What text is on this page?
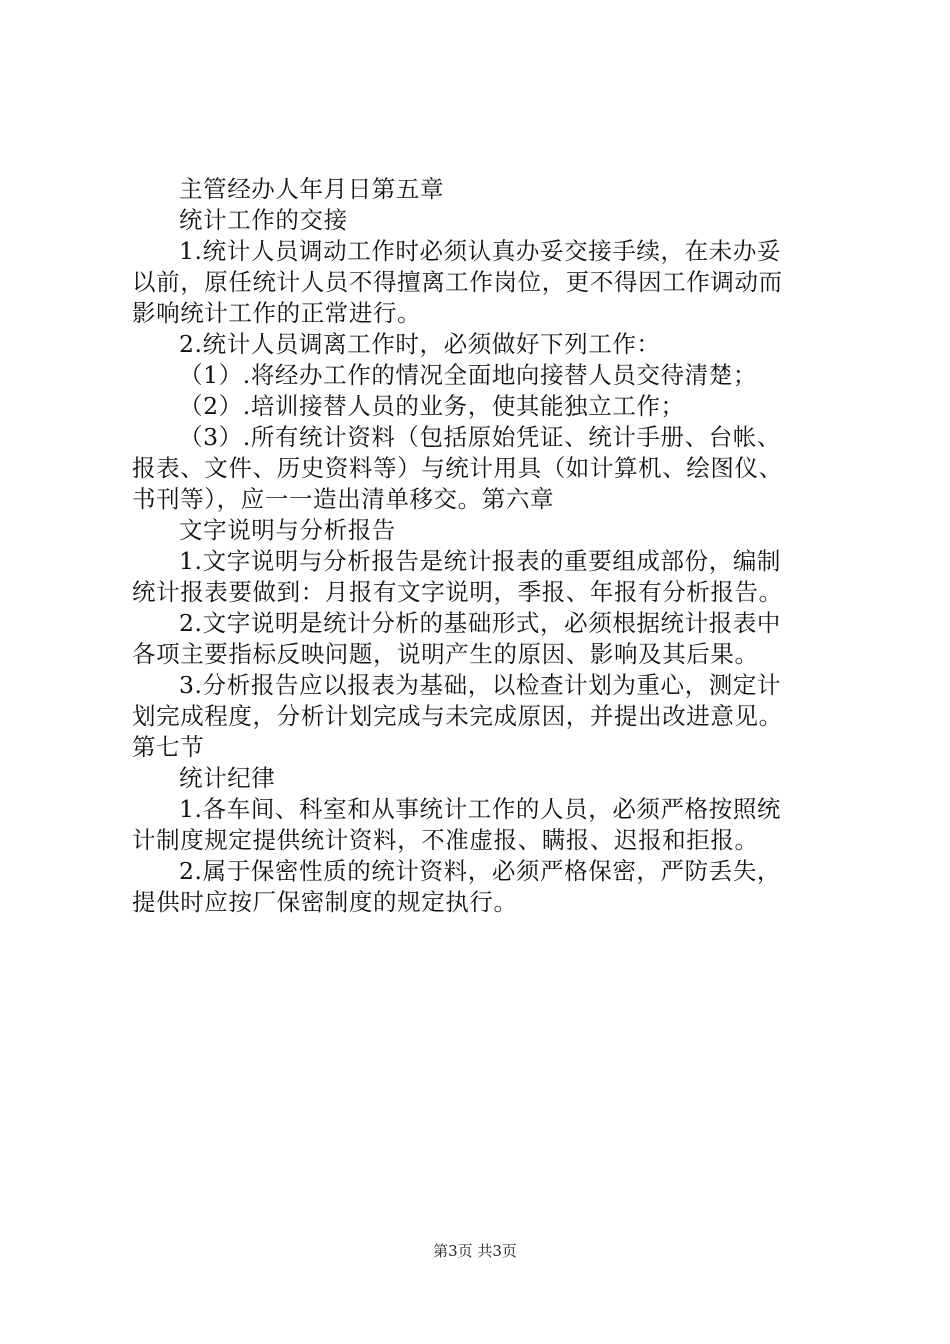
主管经办人年月日第五章
统计工作的交接
1.统计人员调动工作时必须认真办妥交接手续，在未办妥
以前，原任统计人员不得擅离工作岗位，更不得因工作调动而
影响统计工作的正常进行。
2.统计人员调离工作时，必须做好下列工作：
（1）.将经办工作的情况全面地向接替人员交待清楚；
（2）.培训接替人员的业务，使其能独立工作；
（3）.所有统计资料（包括原始凭证、统计手册、台帐、
报表、文件、历史资料等）与统计用具（如计算机、绘图仪、
书刊等），应一一造出清单移交。第六章
文字说明与分析报告
1.文字说明与分析报告是统计报表的重要组成部份，编制
统计报表要做到：月报有文字说明，季报、年报有分析报告。
2.文字说明是统计分析的基础形式，必须根据统计报表中
各项主要指标反映问题，说明产生的原因、影响及其后果。
3.分析报告应以报表为基础，以检查计划为重心，测定计
划完成程度，分析计划完成与未完成原因，并提出改进意见。
第七节
统计纪律
1.各车间、科室和从事统计工作的人员，必须严格按照统
计制度规定提供统计资料，不准虚报、瞒报、迟报和拒报。
2.属于保密性质的统计资料，必须严格保密，严防丢失，
提供时应按厂保密制度的规定执行。
第3页 共3页
